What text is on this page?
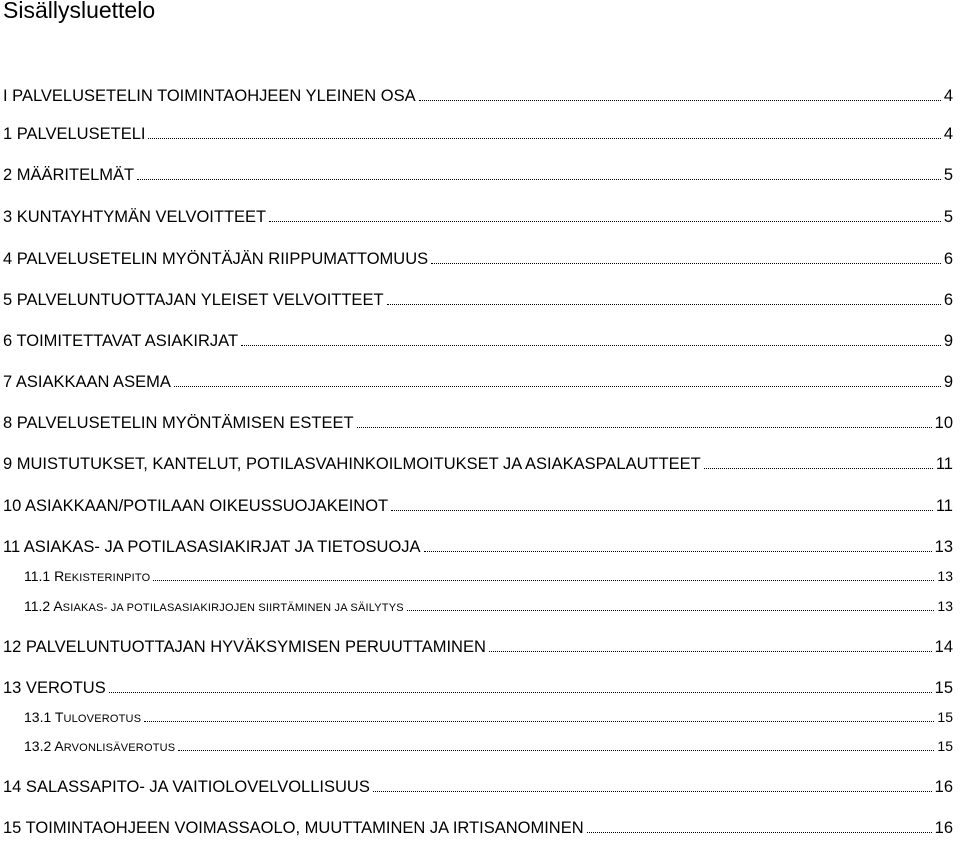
Sisällysluettelo
I PALVELUSETELIN TOIMINTAOHJEEN YLEINEN OSA	4
1 PALVELUSETELI	4
2 MÄÄRITELMÄT	5
3 KUNTAYHTYMÄN VELVOITTEET	5
4 PALVELUSETELIN MYÖNTÄJÄN RIIPPUMATTOMUUS	6
5 PALVELUNTUOTTAJAN YLEISET VELVOITTEET	6
6 TOIMITETTAVAT ASIAKIRJAT	9
7 ASIAKKAAN ASEMA	9
8 PALVELUSETELIN MYÖNTÄMISEN ESTEET	10
9 MUISTUTUKSET, KANTELUT, POTILASVAHINKOILMOITUKSET JA ASIAKASPALAUTTEET	11
10 ASIAKKAAN/POTILAAN OIKEUSSUOJAKEINOT	11
11 ASIAKAS- JA POTILASASIAKIRJAT JA TIETOSUOJA	13
11.1 REKISTERINPITO	13
11.2 ASIAKAS- JA POTILASASIAKIRJOJEN SIIRTÄMINEN JA SÄILYTYS	13
12 PALVELUNTUOTTAJAN HYVÄKSYMISEN PERUUTTAMINEN	14
13 VEROTUS	15
13.1 TULOVEROTUS	15
13.2 ARVONLISÄVEROTUS	15
14 SALASSAPITO- JA VAITIOLOVELVOLLISUUS	16
15 TOIMINTAOHJEEN VOIMASSAOLO, MUUTTAMINEN JA IRTISANOMINEN	16
